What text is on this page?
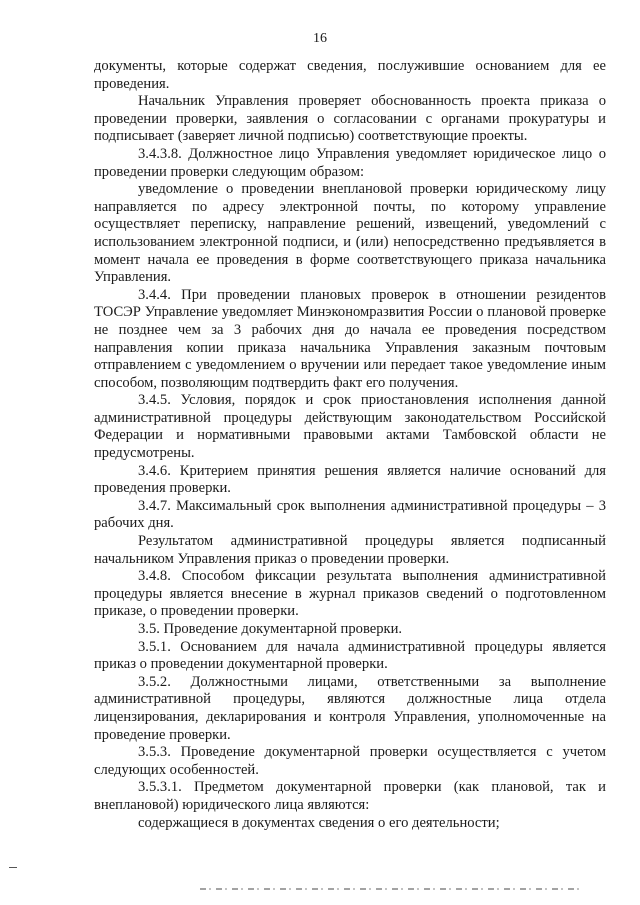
16

документы, которые содержат сведения, послужившие основанием для ее проведения.

Начальник Управления проверяет обоснованность проекта приказа о проведении проверки, заявления о согласовании с органами прокуратуры и подписывает (заверяет личной подписью) соответствующие проекты.

3.4.3.8. Должностное лицо Управления уведомляет юридическое лицо о проведении проверки следующим образом:

уведомление о проведении внеплановой проверки юридическому лицу направляется по адресу электронной почты, по которому управление осуществляет переписку, направление решений, извещений, уведомлений с использованием электронной подписи, и (или) непосредственно предъявляется в момент начала ее проведения в форме соответствующего приказа начальника Управления.

3.4.4. При проведении плановых проверок в отношении резидентов ТОСЭР Управление уведомляет Минэкономразвития России о плановой проверке не позднее чем за 3 рабочих дня до начала ее проведения посредством направления копии приказа начальника Управления заказным почтовым отправлением с уведомлением о вручении или передает такое уведомление иным способом, позволяющим подтвердить факт его получения.

3.4.5. Условия, порядок и срок приостановления исполнения данной административной процедуры действующим законодательством Российской Федерации и нормативными правовыми актами Тамбовской области не предусмотрены.

3.4.6. Критерием принятия решения является наличие оснований для проведения проверки.

3.4.7. Максимальный срок выполнения административной процедуры – 3 рабочих дня.

Результатом административной процедуры является подписанный начальником Управления приказ о проведении проверки.

3.4.8. Способом фиксации результата выполнения административной процедуры является внесение в журнал приказов сведений о подготовленном приказе, о проведении проверки.

3.5. Проведение документарной проверки.

3.5.1. Основанием для начала административной процедуры является приказ о проведении документарной проверки.

3.5.2. Должностными лицами, ответственными за выполнение административной процедуры, являются должностные лица отдела лицензирования, декларирования и контроля Управления, уполномоченные на проведение проверки.

3.5.3. Проведение документарной проверки осуществляется с учетом следующих особенностей.

3.5.3.1. Предметом документарной проверки (как плановой, так и внеплановой) юридического лица являются:

содержащиеся в документах сведения о его деятельности;
